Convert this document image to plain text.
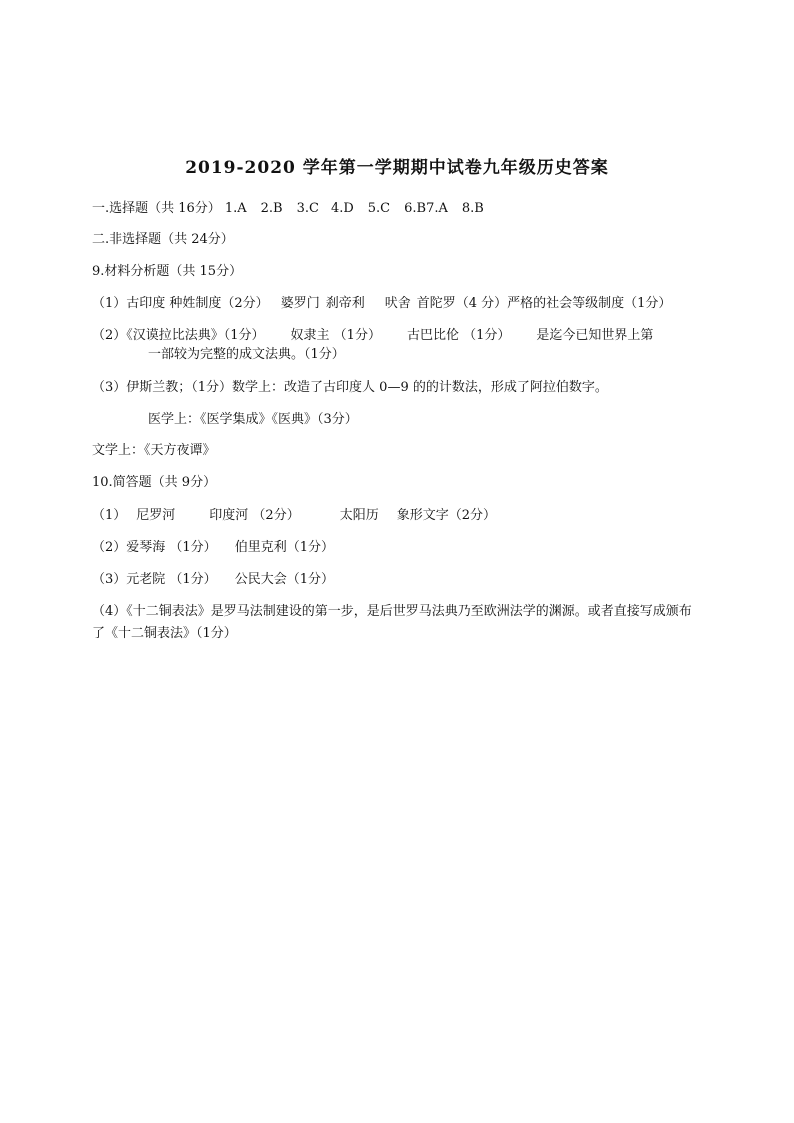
2019-2020 学年第一学期期中试卷九年级历史答案
一.选择题（共 16分） 1.A 2.B 3.C 4.D 5.C 6.B7.A 8.B
二.非选择题（共 24分）
9.材料分析题（共 15分）
（1）古印度 种姓制度（2分） 婆罗门 刹帝利 吠舍 首陀罗（4 分）严格的社会等级制度（1分）
（2）《汉谟拉比法典》（1分） 奴隶主 （1分） 古巴比伦 （1分） 是迄今已知世界上第
一部较为完整的成文法典。（1分）
（3）伊斯兰教；（1分）数学上：改造了古印度人 0—9 的的计数法，形成了阿拉伯数字。
医学上：《医学集成》《医典》（3分）
文学上：《天方夜谭》
10.简答题（共 9分）
（1） 尼罗河	印度河 （2分）	太阳历 象形文字（2分）
（2）爱琴海 （1分） 伯里克利（1分）
（3）元老院 （1分） 公民大会（1分）
（4）《十二铜表法》是罗马法制建设的第一步，是后世罗马法典乃至欧洲法学的渊源。或者直接写成颁布了《十二铜表法》（1分）
